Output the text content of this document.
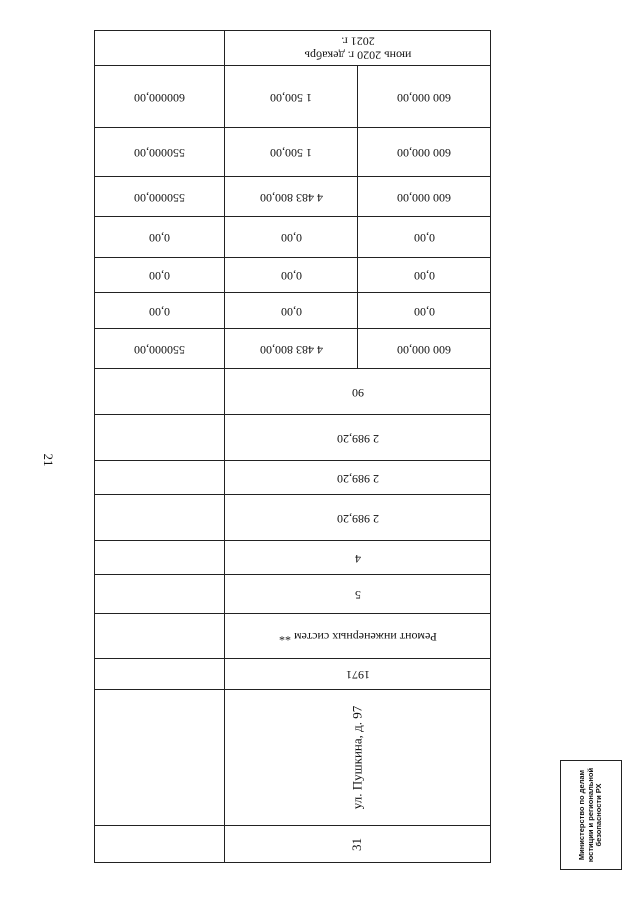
21
	июнь 2020 г. декабрь 2021 г.	
600000,00	1 500,00	600 000,00
550000,00	1 500,00	600 000,00
550000,00	4 483 800,00	600 000,00
0,00	0,00	0,00
0,00	0,00	0,00
0,00	0,00	0,00
550000,00	4 483 800,00	600 000,00
	90	
	2 989,20	
	2 989,20	
	2 989,20	
	4	
	5	
	Ремонт инженерных систем **	
	1971	
	ул. Пушкина, д. 97	
	31		Министерство по делам юстиции и региональной безопасности РХ
